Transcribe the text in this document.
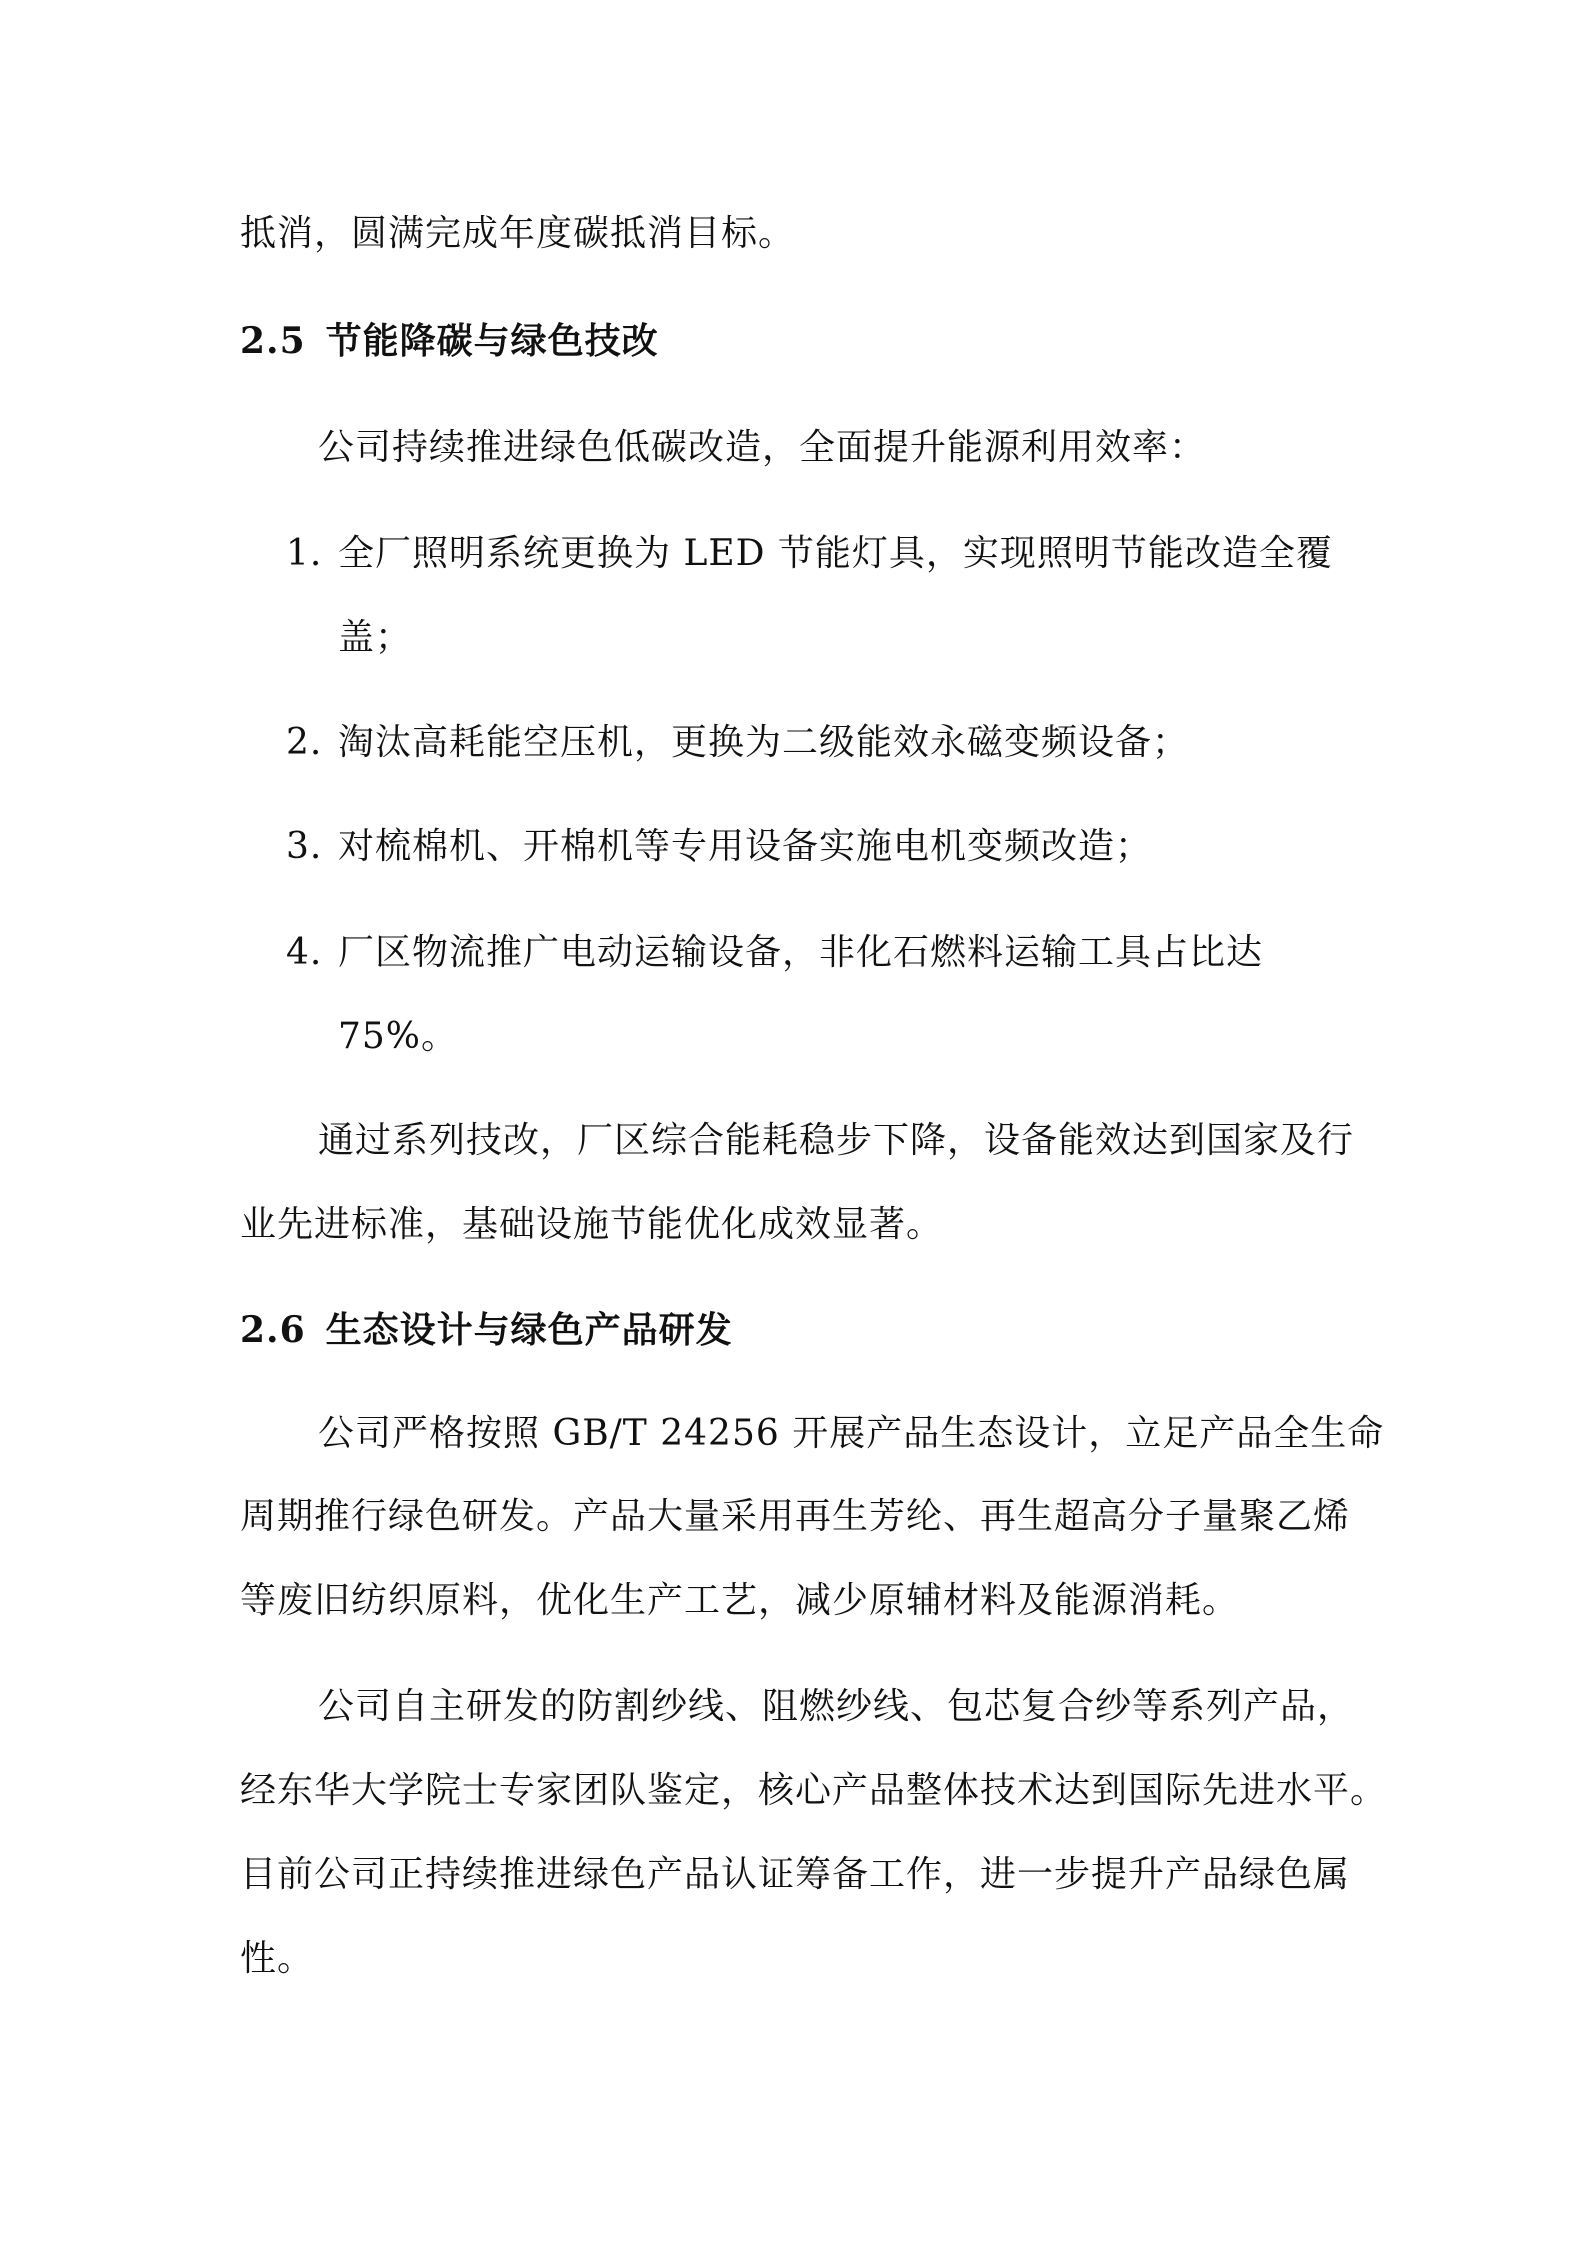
抵消，圆满完成年度碳抵消目标。
2.5 节能降碳与绿色技改
公司持续推进绿色低碳改造，全面提升能源利用效率：
1. 全厂照明系统更换为 LED 节能灯具，实现照明节能改造全覆
盖；
2. 淘汰高耗能空压机，更换为二级能效永磁变频设备；
3. 对梳棉机、开棉机等专用设备实施电机变频改造；
4. 厂区物流推广电动运输设备，非化石燃料运输工具占比达
75%。
通过系列技改，厂区综合能耗稳步下降，设备能效达到国家及行
业先进标准，基础设施节能优化成效显著。
2.6 生态设计与绿色产品研发
公司严格按照 GB/T 24256 开展产品生态设计，立足产品全生命
周期推行绿色研发。产品大量采用再生芳纶、再生超高分子量聚乙烯
等废旧纺织原料，优化生产工艺，减少原辅材料及能源消耗。
公司自主研发的防割纱线、阻燃纱线、包芯复合纱等系列产品，
经东华大学院士专家团队鉴定，核心产品整体技术达到国际先进水平。
目前公司正持续推进绿色产品认证筹备工作，进一步提升产品绿色属
性。
